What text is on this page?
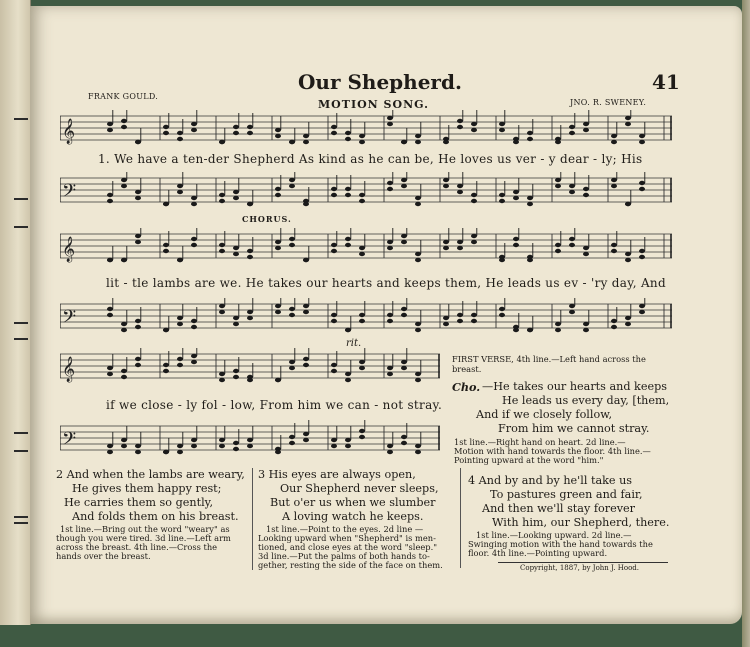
Our Shepherd.	41
FRANK GOULD.
MOTION SONG.	JNO. R. SWENEY.
𝄞
1. We have a ten-der Shepherd As kind as he can be, He loves us ver - y dear - ly; His
𝄢
CHORUS.
𝄞
lit - tle lambs are we. He takes our hearts and keeps them, He leads us ev - 'ry day, And
𝄢
rit.
𝄞
if we close - ly fol - low, From him we can - not stray.
𝄢
FIRST VERSE, 4th line.—Left hand across the
breast.
Cho. —He takes our hearts and keeps
He leads us every day, [them,
And if we closely follow,
From him we cannot stray.
1st line.—Right hand on heart. 2d line.—
Motion with hand towards the floor. 4th line.—
Pointing upward at the word "him."
2 And when the lambs are weary,
He gives them happy rest;
He carries them so gently,
And folds them on his breast.
1st line.—Bring out the word "weary" as
though you were tired. 3d line.—Left arm
across the breast. 4th line.—Cross the
hands over the breast.
3 His eyes are always open,
Our Shepherd never sleeps,
But o'er us when we slumber
A loving watch he keeps.
1st line.—Point to the eyes. 2d line —
Looking upward when "Shepherd" is men-
tioned, and close eyes at the word "sleep."
3d line.—Put the palms of both hands to-
gether, resting the side of the face on them.
4 And by and by he'll take us
To pastures green and fair,
And then we'll stay forever
With him, our Shepherd, there.
1st line.—Looking upward. 2d line.—
Swinging motion with the hand towards the
floor. 4th line.—Pointing upward.
Copyright, 1887, by John J. Hood.
